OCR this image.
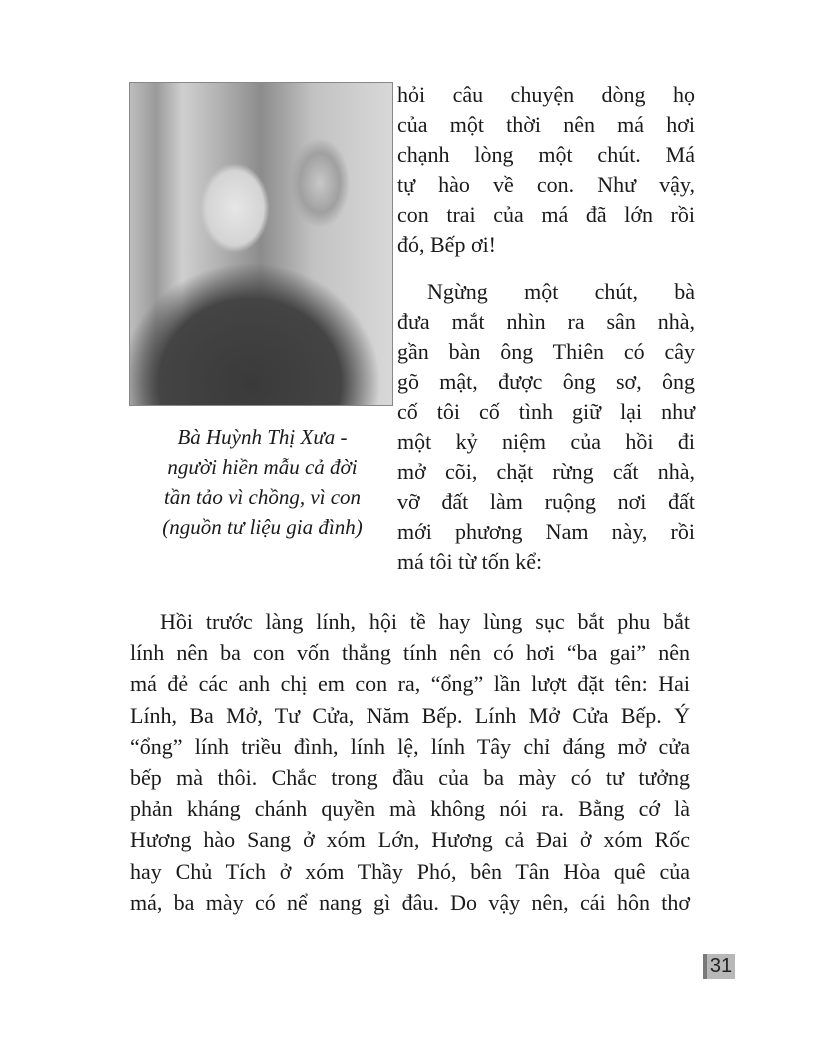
Bà Huỳnh Thị Xưa -
người hiền mẫu cả đời
tần tảo vì chồng, vì con
(nguồn tư liệu gia đình)
hỏi câu chuyện dòng họ
của một thời nên má hơi
chạnh lòng một chút. Má
tự hào về con. Như vậy,
con trai của má đã lớn rồi
đó, Bếp ơi!
Ngừng một chút, bà
đưa mắt nhìn ra sân nhà,
gần bàn ông Thiên có cây
gõ mật, được ông sơ, ông
cố tôi cố tình giữ lại như
một kỷ niệm của hồi đi
mở cõi, chặt rừng cất nhà,
vỡ đất làm ruộng nơi đất
mới phương Nam này, rồi
má tôi từ tốn kể:
Hồi trước làng lính, hội tề hay lùng sục bắt phu bắt
lính nên ba con vốn thẳng tính nên có hơi “ba gai” nên
má đẻ các anh chị em con ra, “ổng” lần lượt đặt tên: Hai
Lính, Ba Mở, Tư Cửa, Năm Bếp. Lính Mở Cửa Bếp. Ý
“ổng” lính triều đình, lính lệ, lính Tây chỉ đáng mở cửa
bếp mà thôi. Chắc trong đầu của ba mày có tư tưởng
phản kháng chánh quyền mà không nói ra. Bằng cớ là
Hương hào Sang ở xóm Lớn, Hương cả Đai ở xóm Rốc
hay Chủ Tích ở xóm Thầy Phó, bên Tân Hòa quê của
má, ba mày có nể nang gì đâu. Do vậy nên, cái hôn thơ
31
